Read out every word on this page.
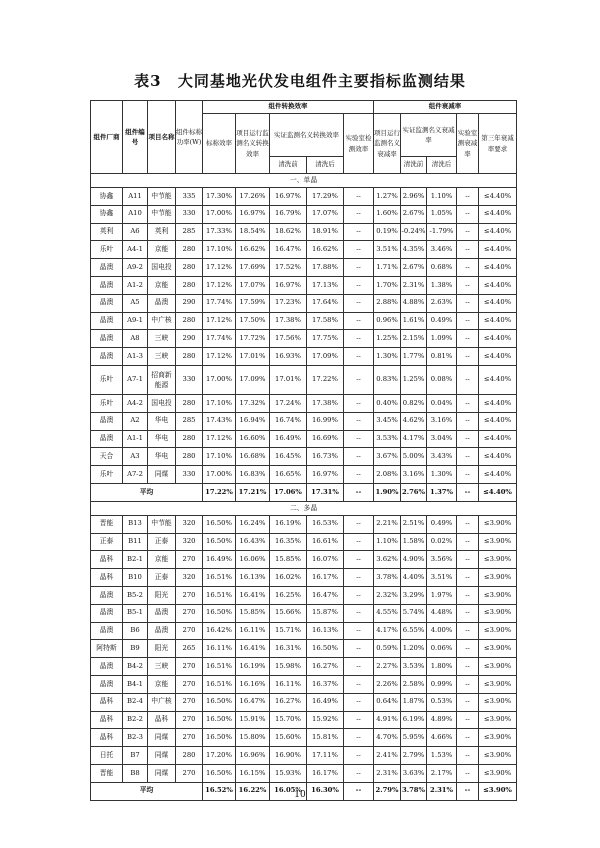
表3 大同基地光伏发电组件主要指标监测结果
组件厂商	组件编号	项目名称	组件标称功率(W)	组件转换效率					组件衰减率				
				标称效率	项目运行监测名义转换效率	实证监测名义转换效率		实验室检测效率	项目运行监测名义衰减率	实证监测名义衰减率		实验室测衰减率	第三年衰减率要求
						清洗前	清洗后			清洗前	清洗后		
一、单晶													
协鑫	A11	中节能	335	17.30%	17.26%	16.97%	17.29%	--	1.27%	2.96%	1.10%	--	≤4.40%
协鑫	A10	中节能	330	17.00%	16.97%	16.79%	17.07%	--	1.60%	2.67%	1.05%	--	≤4.40%
英利	A6	英利	285	17.33%	18.54%	18.62%	18.91%	--	0.19%	-0.24%	-1.79%	--	≤4.40%
乐叶	A4-1	京能	280	17.10%	16.62%	16.47%	16.62%	--	3.51%	4.35%	3.46%	--	≤4.40%
晶澳	A9-2	国电投	280	17.12%	17.69%	17.52%	17.88%	--	1.71%	2.67%	0.68%	--	≤4.40%
晶澳	A1-2	京能	280	17.12%	17.07%	16.97%	17.13%	--	1.70%	2.31%	1.38%	--	≤4.40%
晶澳	A5	晶澳	290	17.74%	17.59%	17.23%	17.64%	--	2.88%	4.88%	2.63%	--	≤4.40%
晶澳	A9-1	中广核	280	17.12%	17.50%	17.38%	17.58%	--	0.96%	1.61%	0.49%	--	≤4.40%
晶澳	A8	三峡	290	17.74%	17.72%	17.56%	17.75%	--	1.25%	2.15%	1.09%	--	≤4.40%
晶澳	A1-3	三峡	280	17.12%	17.01%	16.93%	17.09%	--	1.30%	1.77%	0.81%	--	≤4.40%
乐叶	A7-1	招商新能源	330	17.00%	17.09%	17.01%	17.22%	--	0.83%	1.25%	0.08%	--	≤4.40%
乐叶	A4-2	国电投	280	17.10%	17.32%	17.24%	17.38%	--	0.40%	0.82%	0.04%	--	≤4.40%
晶澳	A2	华电	285	17.43%	16.94%	16.74%	16.99%	--	3.45%	4.62%	3.16%	--	≤4.40%
晶澳	A1-1	华电	280	17.12%	16.60%	16.49%	16.69%	--	3.53%	4.17%	3.04%	--	≤4.40%
天合	A3	华电	280	17.10%	16.68%	16.45%	16.73%	--	3.67%	5.00%	3.43%	--	≤4.40%
乐叶	A7-2	同煤	330	17.00%	16.83%	16.65%	16.97%	--	2.08%	3.16%	1.30%	--	≤4.40%
平均				17.22%	17.21%	17.06%	17.31%	--	1.90%	2.76%	1.37%	--	≤4.40%
二、多晶													
晋能	B13	中节能	320	16.50%	16.24%	16.19%	16.53%	--	2.21%	2.51%	0.49%	--	≤3.90%
正泰	B11	正泰	320	16.50%	16.43%	16.35%	16.61%	--	1.10%	1.58%	0.02%	--	≤3.90%
晶科	B2-1	京能	270	16.49%	16.06%	15.85%	16.07%	--	3.62%	4.90%	3.56%	--	≤3.90%
晶科	B10	正泰	320	16.51%	16.13%	16.02%	16.17%	--	3.78%	4.40%	3.51%	--	≤3.90%
晶澳	B5-2	阳光	270	16.51%	16.41%	16.25%	16.47%	--	2.32%	3.29%	1.97%	--	≤3.90%
晶澳	B5-1	晶澳	270	16.50%	15.85%	15.66%	15.87%	--	4.55%	5.74%	4.48%	--	≤3.90%
晶澳	B6	晶澳	270	16.42%	16.11%	15.71%	16.13%	--	4.17%	6.55%	4.00%	--	≤3.90%
阿特斯	B9	阳光	265	16.11%	16.41%	16.31%	16.50%	--	0.59%	1.20%	0.06%	--	≤3.90%
晶澳	B4-2	三峡	270	16.51%	16.19%	15.98%	16.27%	--	2.27%	3.53%	1.80%	--	≤3.90%
晶澳	B4-1	京能	270	16.51%	16.16%	16.11%	16.37%	--	2.26%	2.58%	0.99%	--	≤3.90%
晶科	B2-4	中广核	270	16.50%	16.47%	16.27%	16.49%	--	0.64%	1.87%	0.53%	--	≤3.90%
晶科	B2-2	晶科	270	16.50%	15.91%	15.70%	15.92%	--	4.91%	6.19%	4.89%	--	≤3.90%
晶科	B2-3	同煤	270	16.50%	15.80%	15.60%	15.81%	--	4.70%	5.95%	4.66%	--	≤3.90%
日托	B7	同煤	280	17.20%	16.96%	16.90%	17.11%	--	2.41%	2.79%	1.53%	--	≤3.90%
晋能	B8	同煤	270	16.50%	16.15%	15.93%	16.17%	--	2.31%	3.63%	2.17%	--	≤3.90%
平均				16.52%	16.22%	16.05%	16.30%	--	2.79%	3.78%	2.31%	--	≤3.90%
10
